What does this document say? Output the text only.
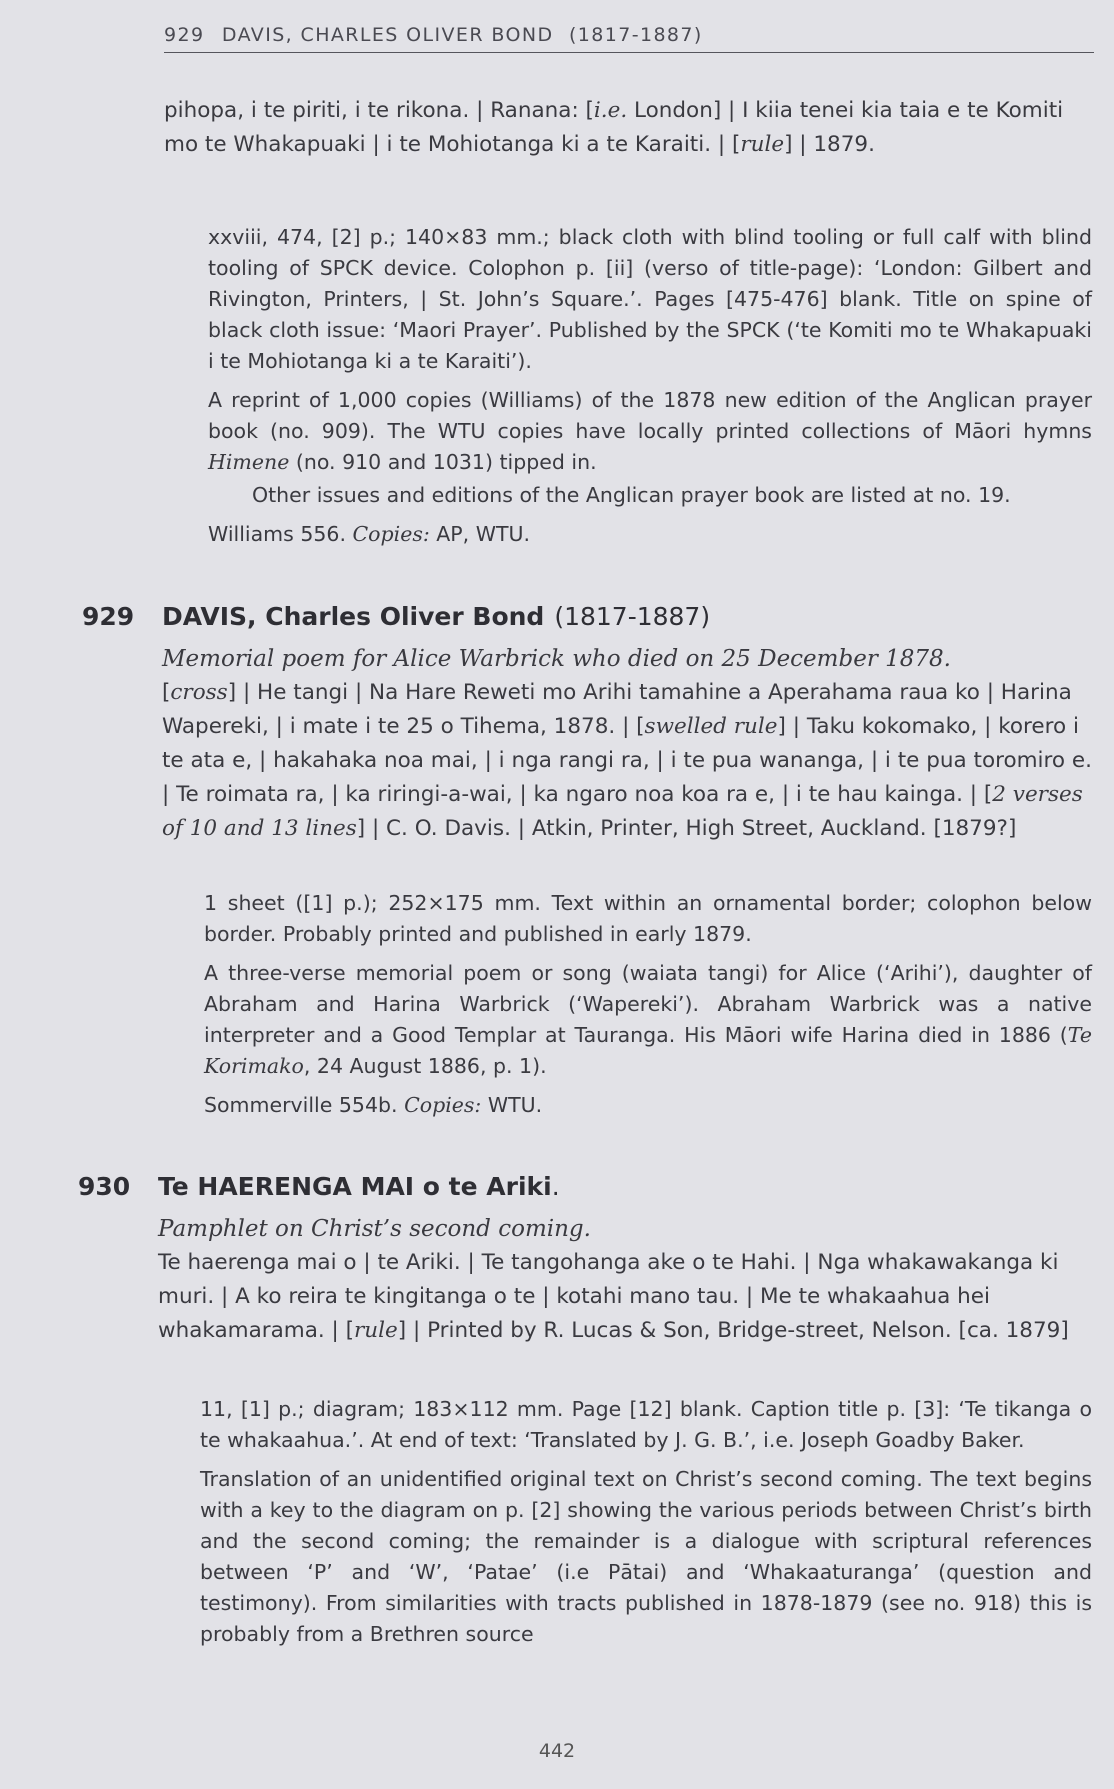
929 DAVIS, CHARLES OLIVER BOND (1817-1887)

pihopa, i te piriti, i te rikona. | Ranana: [i.e. London] | I kiia tenei kia taia e te Komiti mo te Whakapuaki | i te Mohiotanga ki a te Karaiti. | [rule] | 1879.

xxviii, 474, [2] p.; 140×83 mm.; black cloth with blind tooling or full calf with blind tooling of SPCK device. Colophon p. [ii] (verso of title-page): ‘London: Gilbert and Rivington, Printers, | St. John’s Square.’. Pages [475-476] blank. Title on spine of black cloth issue: ‘Maori Prayer’. Published by the SPCK (‘te Komiti mo te Whakapuaki i te Mohiotanga ki a te Karaiti’).

A reprint of 1,000 copies (Williams) of the 1878 new edition of the Anglican prayer book (no. 909). The WTU copies have locally printed collections of Māori hymns Himene (no. 910 and 1031) tipped in.

Other issues and editions of the Anglican prayer book are listed at no. 19.

Williams 556. Copies: AP, WTU.

929 DAVIS, Charles Oliver Bond (1817-1887)

Memorial poem for Alice Warbrick who died on 25 December 1878.

[cross] | He tangi | Na Hare Reweti mo Arihi tamahine a Aperahama raua ko | Harina Wapereki, | i mate i te 25 o Tihema, 1878. | [swelled rule] | Taku kokomako, | korero i te ata e, | hakahaka noa mai, | i nga rangi ra, | i te pua wananga, | i te pua toromiro e. | Te roimata ra, | ka riringi-a-wai, | ka ngaro noa koa ra e, | i te hau kainga. | [2 verses of 10 and 13 lines] | C. O. Davis. | Atkin, Printer, High Street, Auckland. [1879?]

1 sheet ([1] p.); 252×175 mm. Text within an ornamental border; colophon below border. Probably printed and published in early 1879.

A three-verse memorial poem or song (waiata tangi) for Alice (‘Arihi’), daughter of Abraham and Harina Warbrick (‘Wapereki’). Abraham Warbrick was a native interpreter and a Good Templar at Tauranga. His Māori wife Harina died in 1886 (Te Korimako, 24 August 1886, p. 1).

Sommerville 554b. Copies: WTU.

930 Te HAERENGA MAI o te Ariki.

Pamphlet on Christ’s second coming.

Te haerenga mai o | te Ariki. | Te tangohanga ake o te Hahi. | Nga whakawakanga ki muri. | A ko reira te kingitanga o te | kotahi mano tau. | Me te whakaahua hei whakamarama. | [rule] | Printed by R. Lucas & Son, Bridge-street, Nelson. [ca. 1879]

11, [1] p.; diagram; 183×112 mm. Page [12] blank. Caption title p. [3]: ‘Te tikanga o te whakaahua.’. At end of text: ‘Translated by J. G. B.’, i.e. Joseph Goadby Baker.

Translation of an unidentified original text on Christ’s second coming. The text begins with a key to the diagram on p. [2] showing the various periods between Christ’s birth and the second coming; the remainder is a dialogue with scriptural references between ‘P’ and ‘W’, ‘Patae’ (i.e Pātai) and ‘Whakaaturanga’ (question and testimony). From similarities with tracts published in 1878-1879 (see no. 918) this is probably from a Brethren source

442
